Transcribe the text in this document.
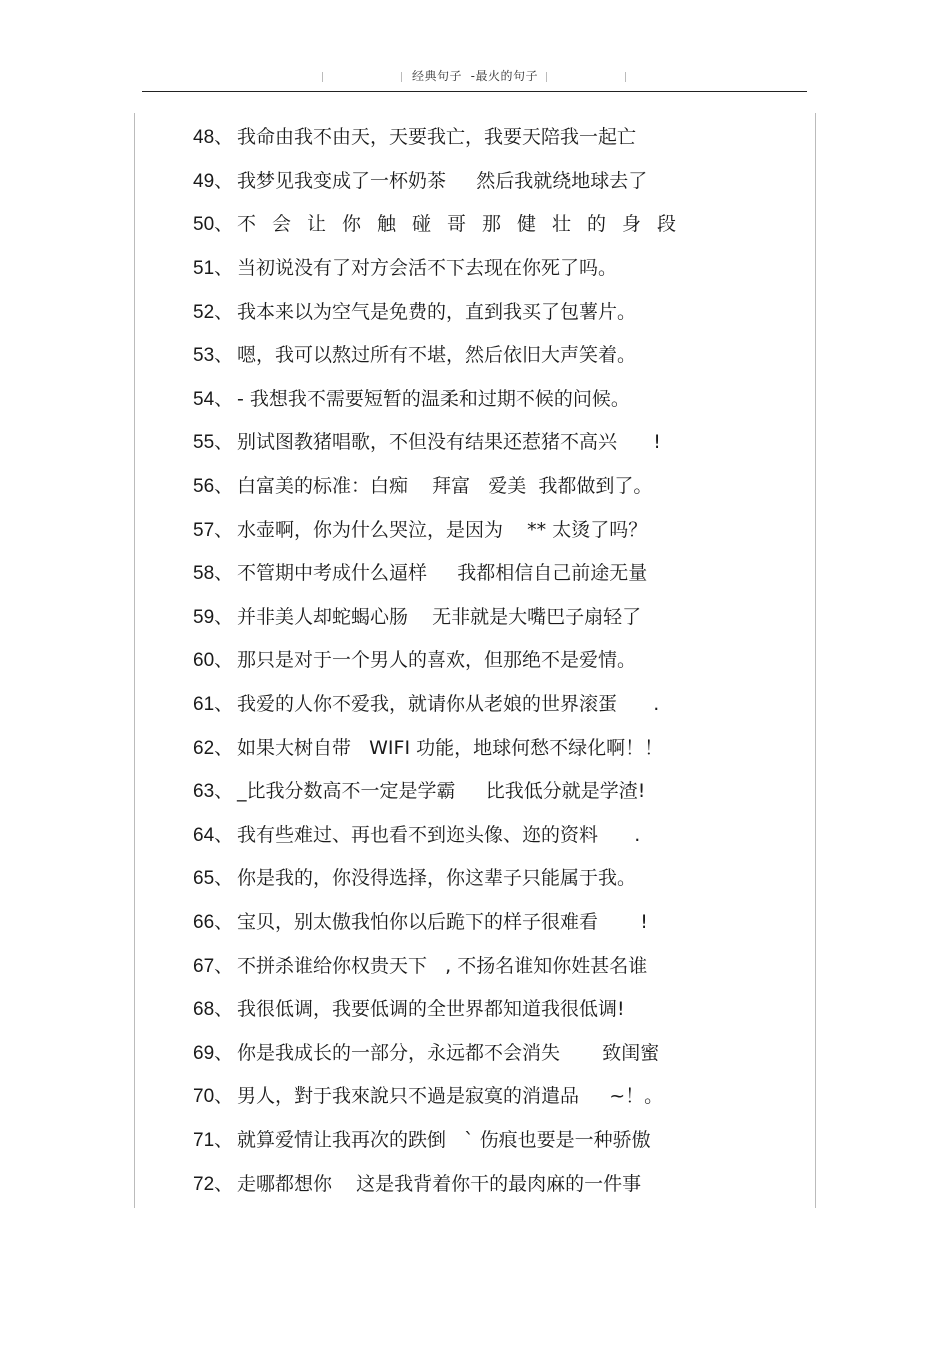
经典句子  -最火的句子
48、 我命由我不由天，天要我亡，我要天陪我一起亡
49、 我梦见我变成了一杯奶茶     然后我就绕地球去了
50、 不会让你触碰哥那健壮的身段
51、 当初说没有了对方会活不下去现在你死了吗。
52、 我本来以为空气是免费的，直到我买了包薯片。
53、 嗯，我可以熬过所有不堪，然后依旧大声笑着。
54、 - 我想我不需要短暂的温柔和过期不候的问候。
55、 别试图教猪唱歌，不但没有结果还惹猪不高兴      !
56、 白富美的标准：白痴    拜富   爱美  我都做到了。
57、 水壶啊，你为什么哭泣，是因为    ** 太烫了吗？
58、 不管期中考成什么逼样     我都相信自己前途无量
59、 并非美人却蛇蝎心肠    无非就是大嘴巴子扇轻了
60、 那只是对于一个男人的喜欢，但那绝不是爱情。
61、 我爱的人你不爱我，就请你从老娘的世界滚蛋      .
62、 如果大树自带   WIFI 功能，地球何愁不绿化啊！！
63、 _比我分数高不一定是学霸     比我低分就是学渣!
64、 我有些难过、再也看不到迩头像、迩的资料      .
65、 你是我的，你没得选择，你这辈子只能属于我。
66、 宝贝，别太傲我怕你以后跪下的样子很难看       !
67、 不拼杀谁给你权贵天下   , 不扬名谁知你姓甚名谁
68、 我很低调，我要低调的全世界都知道我很低调!
69、 你是我成长的一部分，永远都不会消失       致闺蜜
70、 男人，對于我來說只不過是寂寞的消遣品     ~！。
71、 就算爱情让我再次的跌倒   ` 伤痕也要是一种骄傲
72、 走哪都想你    这是我背着你干的最肉麻的一件事
